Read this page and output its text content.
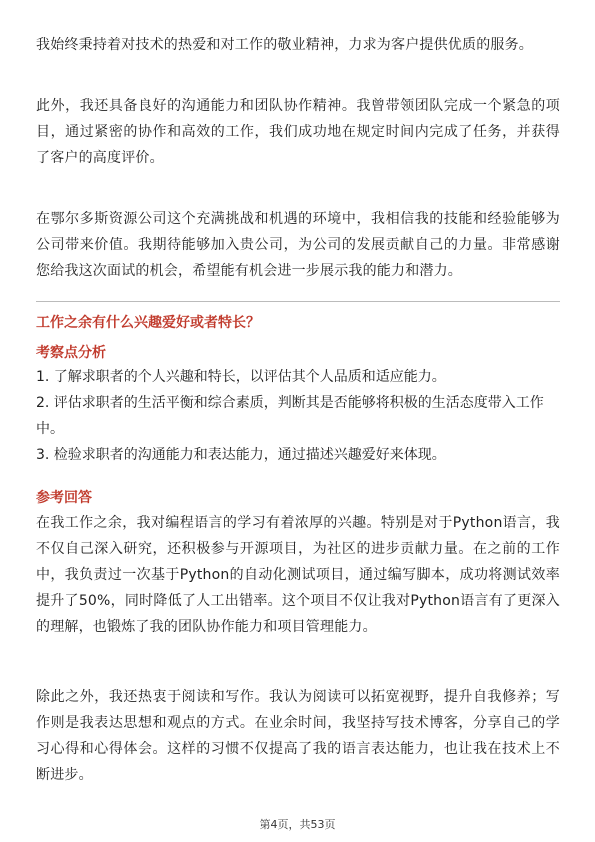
我始终秉持着对技术的热爱和对工作的敬业精神，力求为客户提供优质的服务。

此外，我还具备良好的沟通能力和团队协作精神。我曾带领团队完成一个紧急的项目，通过紧密的协作和高效的工作，我们成功地在规定时间内完成了任务，并获得了客户的高度评价。

在鄂尔多斯资源公司这个充满挑战和机遇的环境中，我相信我的技能和经验能够为公司带来价值。我期待能够加入贵公司，为公司的发展贡献自己的力量。非常感谢您给我这次面试的机会，希望能有机会进一步展示我的能力和潜力。

工作之余有什么兴趣爱好或者特长？
考察点分析
1. 了解求职者的个人兴趣和特长，以评估其个人品质和适应能力。
2. 评估求职者的生活平衡和综合素质，判断其是否能够将积极的生活态度带入工作中。
3. 检验求职者的沟通能力和表达能力，通过描述兴趣爱好来体现。
参考回答

在我工作之余，我对编程语言的学习有着浓厚的兴趣。特别是对于Python语言，我不仅自己深入研究，还积极参与开源项目，为社区的进步贡献力量。在之前的工作中，我负责过一次基于Python的自动化测试项目，通过编写脚本，成功将测试效率提升了50%，同时降低了人工出错率。这个项目不仅让我对Python语言有了更深入的理解，也锻炼了我的团队协作能力和项目管理能力。

除此之外，我还热衷于阅读和写作。我认为阅读可以拓宽视野，提升自我修养；写作则是我表达思想和观点的方式。在业余时间，我坚持写技术博客，分享自己的学习心得和心得体会。这样的习惯不仅提高了我的语言表达能力，也让我在技术上不断进步。

第4页，共53页
